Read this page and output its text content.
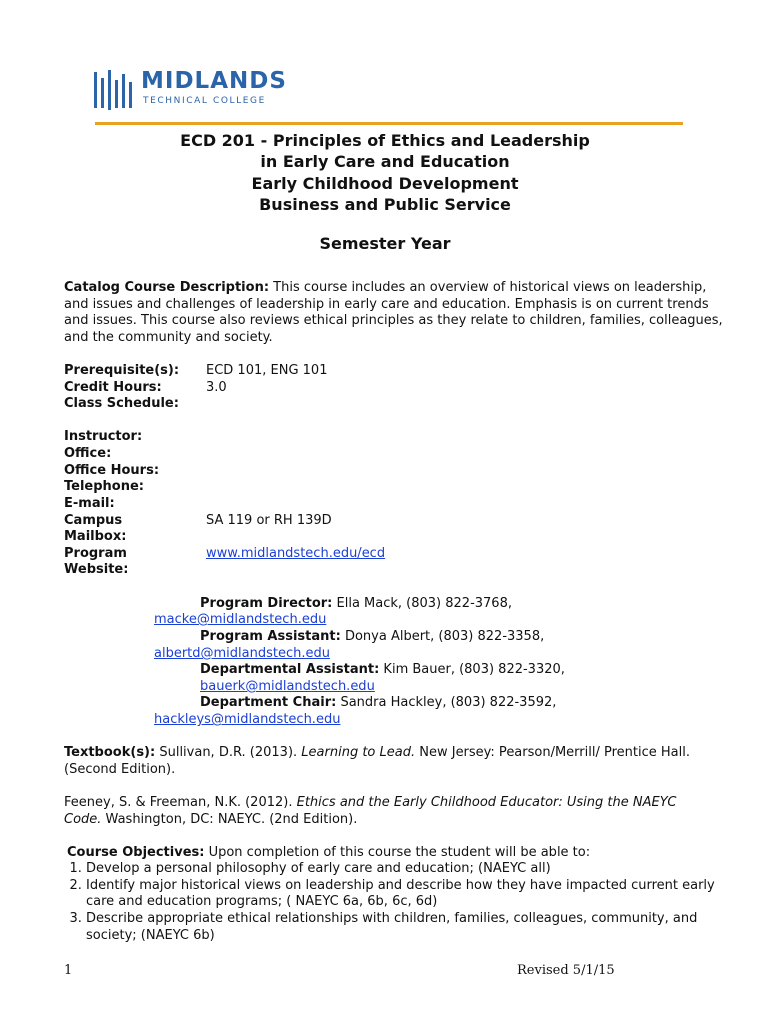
MIDLANDS
TECHNICAL COLLEGE
ECD 201 - Principles of Ethics and Leadership
in Early Care and Education
Early Childhood Development
Business and Public Service
Semester Year
Catalog Course Description: This course includes an overview of historical views on leadership, and issues and challenges of leadership in early care and education. Emphasis is on current trends and issues. This course also reviews ethical principles as they relate to children, families, colleagues, and the community and society.
Prerequisite(s): ECD 101, ENG 101
Credit Hours:	3.0
Class Schedule:
Instructor:
Office:
Office Hours:
Telephone:
E-mail:
Campus
Mailbox:
SA 119 or RH 139D
Program
Website:
www.midlandstech.edu/ecd
Program Director: Ella Mack, (803) 822-3768,
macke@midlandstech.edu
Program Assistant: Donya Albert, (803) 822-3358,
albertd@midlandstech.edu
Departmental Assistant: Kim Bauer, (803) 822-3320,
bauerk@midlandstech.edu
Department Chair: Sandra Hackley, (803) 822-3592,
hackleys@midlandstech.edu
Textbook(s): Sullivan, D.R. (2013). Learning to Lead. New Jersey: Pearson/Merrill/ Prentice Hall. (Second Edition).
Feeney, S. & Freeman, N.K. (2012). Ethics and the Early Childhood Educator: Using the NAEYC Code. Washington, DC: NAEYC. (2nd Edition).
Course Objectives: Upon completion of this course the student will be able to:
1. Develop a personal philosophy of early care and education; (NAEYC all)
2. Identify major historical views on leadership and describe how they have impacted current early care and education programs; ( NAEYC 6a, 6b, 6c, 6d)
3. Describe appropriate ethical relationships with children, families, colleagues, community, and society; (NAEYC 6b)
1	Revised 5/1/15
